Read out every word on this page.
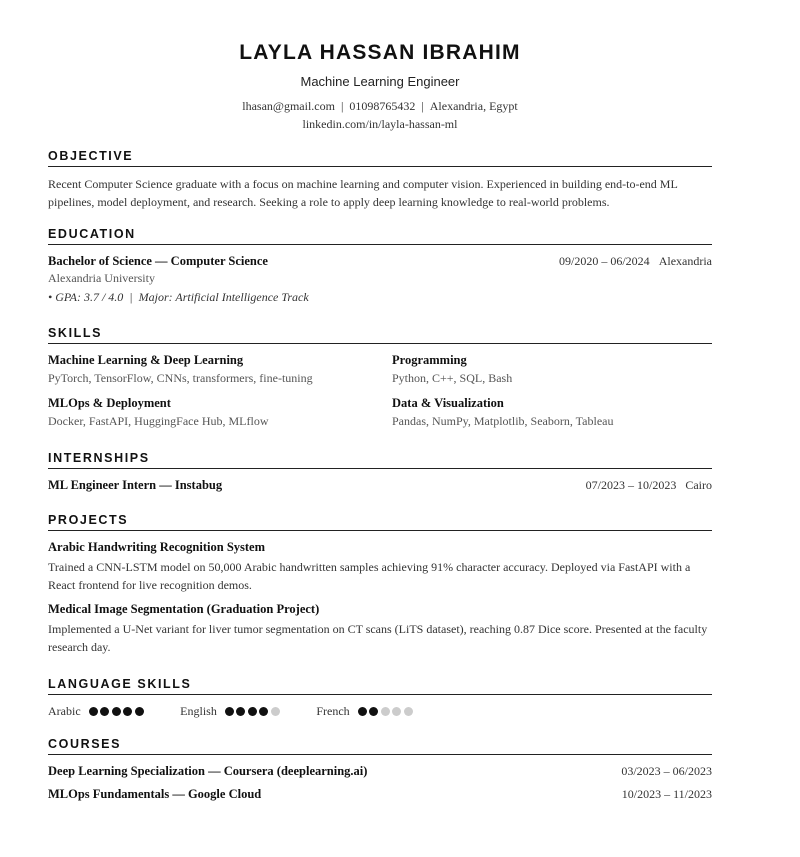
LAYLA HASSAN IBRAHIM
Machine Learning Engineer
lhasan@gmail.com | 01098765432 | Alexandria, Egypt
linkedin.com/in/layla-hassan-ml
OBJECTIVE
Recent Computer Science graduate with a focus on machine learning and computer vision. Experienced in building end-to-end ML pipelines, model deployment, and research. Seeking a role to apply deep learning knowledge to real-world problems.
EDUCATION
Bachelor of Science — Computer Science	09/2020 – 06/2024 Alexandria
Alexandria University
• GPA: 3.7 / 4.0  |  Major: Artificial Intelligence Track
SKILLS
Machine Learning & Deep Learning
PyTorch, TensorFlow, CNNs, transformers, fine-tuning
Programming
Python, C++, SQL, Bash
MLOps & Deployment
Docker, FastAPI, HuggingFace Hub, MLflow
Data & Visualization
Pandas, NumPy, Matplotlib, Seaborn, Tableau
INTERNSHIPS
ML Engineer Intern — Instabug	07/2023 – 10/2023 Cairo
PROJECTS
Arabic Handwriting Recognition System
Trained a CNN-LSTM model on 50,000 Arabic handwritten samples achieving 91% character accuracy. Deployed via FastAPI with a React frontend for live recognition demos.
Medical Image Segmentation (Graduation Project)
Implemented a U-Net variant for liver tumor segmentation on CT scans (LiTS dataset), reaching 0.87 Dice score. Presented at the faculty research day.
LANGUAGE SKILLS
Arabic	English	French
COURSES
Deep Learning Specialization — Coursera (deeplearning.ai)	03/2023 – 06/2023
MLOps Fundamentals — Google Cloud	10/2023 – 11/2023
